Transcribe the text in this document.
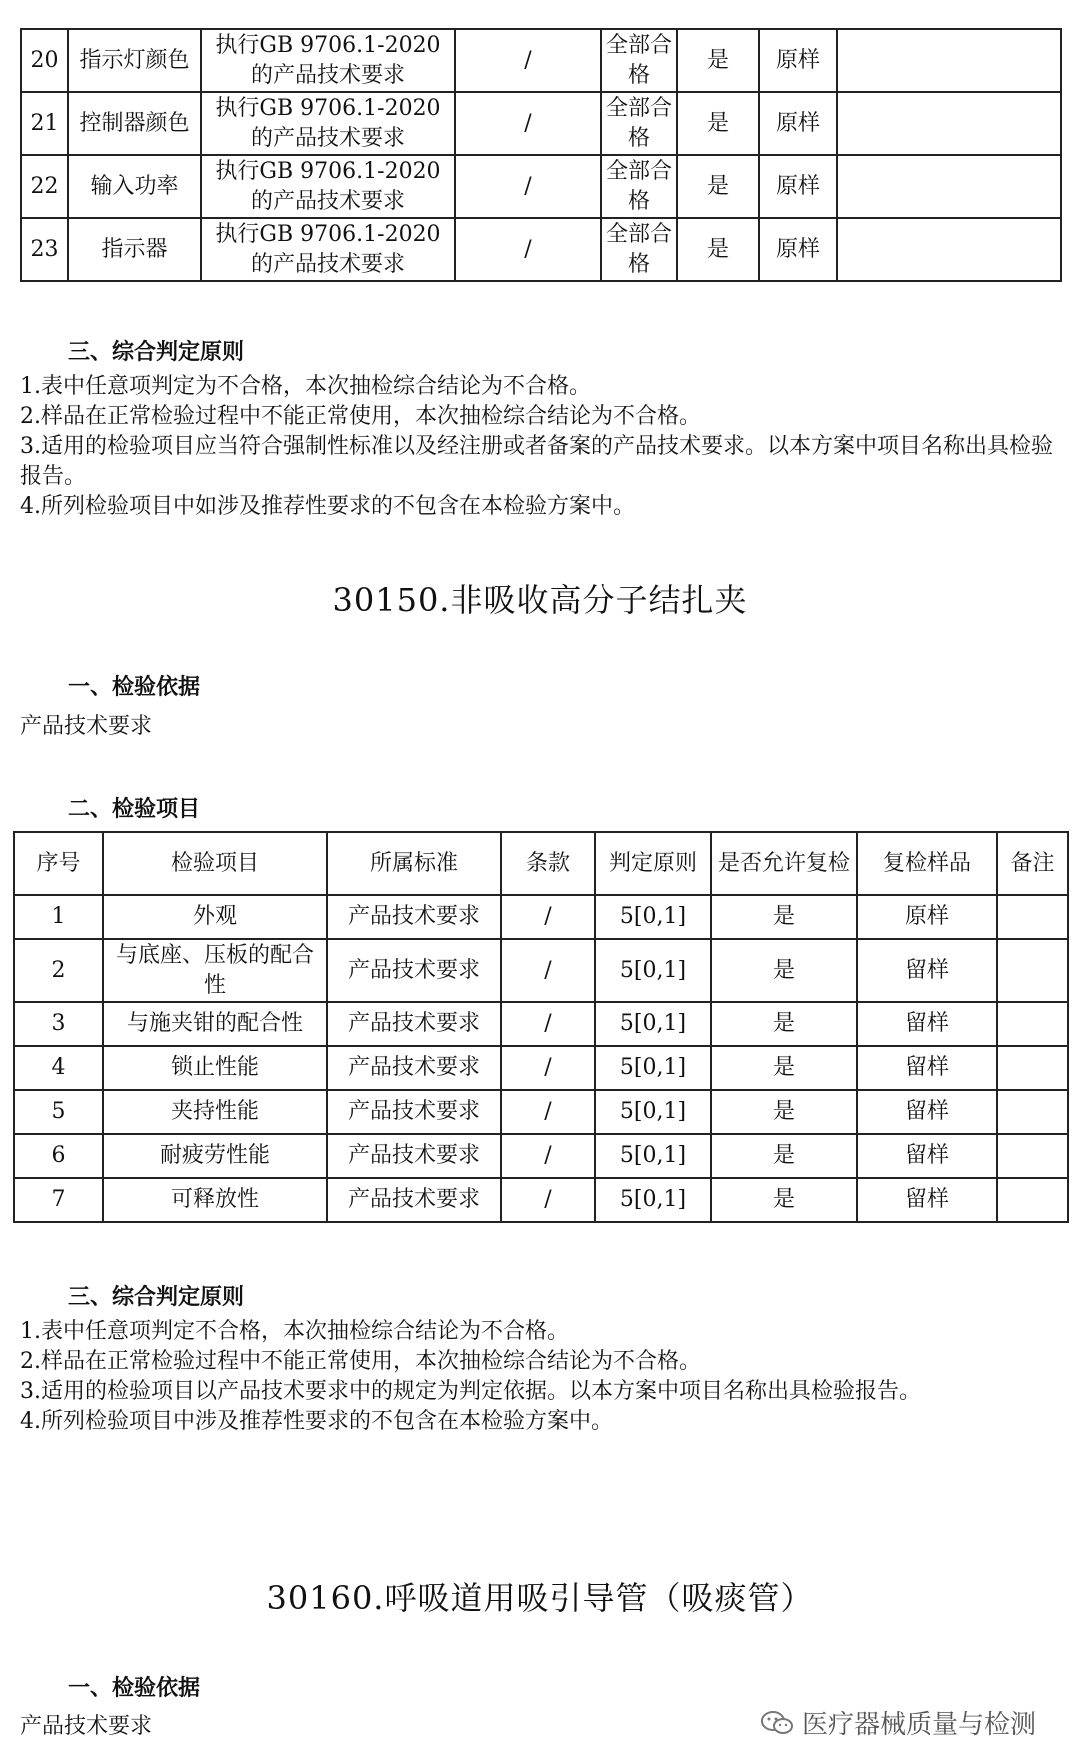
20	指示灯颜色	执行GB 9706.1-2020的产品技术要求	/	全部合格	是	原样	
21	控制器颜色	执行GB 9706.1-2020的产品技术要求	/	全部合格	是	原样	
22	输入功率	执行GB 9706.1-2020的产品技术要求	/	全部合格	是	原样	
23	指示器	执行GB 9706.1-2020的产品技术要求	/	全部合格	是	原样	
三、综合判定原则

1.表中任意项判定为不合格，本次抽检综合结论为不合格。

2.样品在正常检验过程中不能正常使用，本次抽检综合结论为不合格。

3.适用的检验项目应当符合强制性标准以及经注册或者备案的产品技术要求。以本方案中项目名称出具检验报告。

4.所列检验项目中如涉及推荐性要求的不包含在本检验方案中。

30150.非吸收高分子结扎夹
一、检验依据
产品技术要求
二、检验项目
序号	检验项目	所属标准	条款	判定原则	是否允许复检	复检样品	备注
1	外观	产品技术要求	/	5[0,1]	是	原样	
2	与底座、压板的配合性	产品技术要求	/	5[0,1]	是	留样	
3	与施夹钳的配合性	产品技术要求	/	5[0,1]	是	留样	
4	锁止性能	产品技术要求	/	5[0,1]	是	留样	
5	夹持性能	产品技术要求	/	5[0,1]	是	留样	
6	耐疲劳性能	产品技术要求	/	5[0,1]	是	留样	
7	可释放性	产品技术要求	/	5[0,1]	是	留样	
三、综合判定原则

1.表中任意项判定不合格，本次抽检综合结论为不合格。

2.样品在正常检验过程中不能正常使用，本次抽检综合结论为不合格。

3.适用的检验项目以产品技术要求中的规定为判定依据。以本方案中项目名称出具检验报告。

4.所列检验项目中涉及推荐性要求的不包含在本检验方案中。

30160.呼吸道用吸引导管（吸痰管）
一、检验依据
产品技术要求	医疗器械质量与检测
